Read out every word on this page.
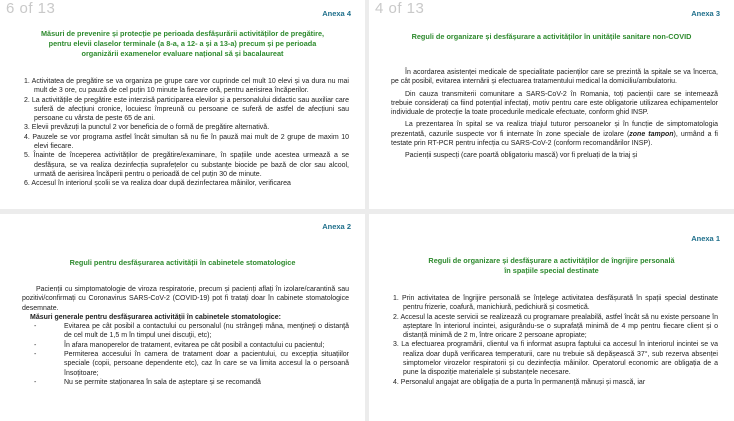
6 of 13	Anexa 4
Măsuri de prevenire și protecție pe perioada desfășurării activităților de pregătire,
pentru elevii claselor terminale (a 8-a, a 12- a și a 13-a) precum și pe perioada
organizării examenelor evaluare național să și bacalaureat

1. Activitatea de pregătire se va organiza pe grupe care vor cuprinde cel mult 10 elevi și va dura nu mai mult de 3 ore, cu pauză de cel puțin 10 minute la fiecare oră, pentru aerisirea încăperilor.

2. La activitățile de pregătire este interzisă participarea elevilor și a personalului didactic sau auxiliar care suferă de afecțiuni cronice, locuiesc împreună cu persoane ce suferă de astfel de afecțiuni sau persoane cu vârsta de peste 65 de ani.

3. Elevii prevăzuți la punctul 2 vor beneficia de o formă de pregătire alternativă.

4. Pauzele se vor programa astfel încât simultan să nu fie în pauză mai mult de 2 grupe de maxim 10 elevi fiecare.

5. Înainte de începerea activităților de pregătire/examinare, în spațiile unde acestea urmează a se desfășura, se va realiza dezinfecția suprafețelor cu substanțe biocide pe bază de clor sau alcool, urmată de aerisirea încăperii pentru o perioadă de cel puțin 30 de minute.

6. Accesul în interiorul școlii se va realiza doar după dezinfectarea mâinilor, verificarea

Anexa 2
Reguli pentru desfășurarea activității în cabinetele stomatologice

Pacienții cu simptomatologie de viroza respiratorie, precum și pacienți aflați în izolare/carantină sau pozitivi/confirmați cu Coronavirus SARS-CoV-2 (COVID-19) pot fi tratați doar în cabinete stomatologice desemnate.

Măsuri generale pentru desfășurarea activității în cabinetele stomatologice:

-	Evitarea pe cât posibil a contactului cu personalul (nu strângeți mâna, menţineţi o distanţă de cel mult de 1,5 m în timpul unei discuţii, etc);
-	În afara manoperelor de tratament, evitarea pe cât posibil a contactului cu pacientul;
-	Permiterea accesului în camera de tratament doar a pacientului, cu excepția situațiilor speciale (copii, persoane dependente etc), caz în care se va limita accesul la o persoană însoțitoare;
-	Nu se permite staționarea în sala de așteptare și se recomandă
4 of 13	Anexa 3
Reguli de organizare și desfășurare a activităților în unitățile sanitare non-COVID

În acordarea asistenței medicale de specialitate pacienților care se prezintă la spitale se va încerca, pe cât posibil, evitarea internării și efectuarea tratamentului medical la domiciliu/ambulatoriu.

Din cauza transmiterii comunitare a SARS-CoV-2 în Romania, toți pacienții care se internează trebuie considerați ca fiind potențial infectați, motiv pentru care este obligatorie utilizarea echipamentelor individuale de protecție la toate procedurile medicale efectuate, conform ghid INSP.

La prezentarea în spital se va realiza triajul tuturor persoanelor și în funcție de simptomatologia prezentată, cazurile suspecte vor fi internate în zone speciale de izolare (zone tampon), urmând a fi testate prin RT-PCR pentru infecția cu SARS-CoV-2 (conform recomandărilor INSP).

Pacienții suspecți (care poartă obligatoriu mască) vor fi preluați de la triaj și

Anexa 1
Reguli de organizare și desfășurare a activităților de îngrijire personală
în spațiile special destinate

1. Prin activitatea de îngrijire personală se înțelege activitatea desfășurată în spații special destinate pentru frizerie, coafură, manichiură, pedichiură și cosmetică.

2. Accesul la aceste servicii se realizează cu programare prealabilă, astfel încât să nu existe persoane în așteptare în interiorul incintei, asigurându-se o suprafață minimă de 4 mp pentru fiecare client și o distanță minimă de 2 m, între oricare 2 persoane apropiate;

3. La efectuarea programării, clientul va fi informat asupra faptului ca accesul în interiorul incintei se va realiza doar după verificarea temperaturii, care nu trebuie să depășească 37°, sub rezerva absenței simptomelor virozelor respiratorii și cu dezinfecția mâinilor. Operatorul economic are obligația de a pune la dispoziție materialele și substanțele necesare.

4. Personalul angajat are obligația de a purta în permanență mănuși și mască, iar
